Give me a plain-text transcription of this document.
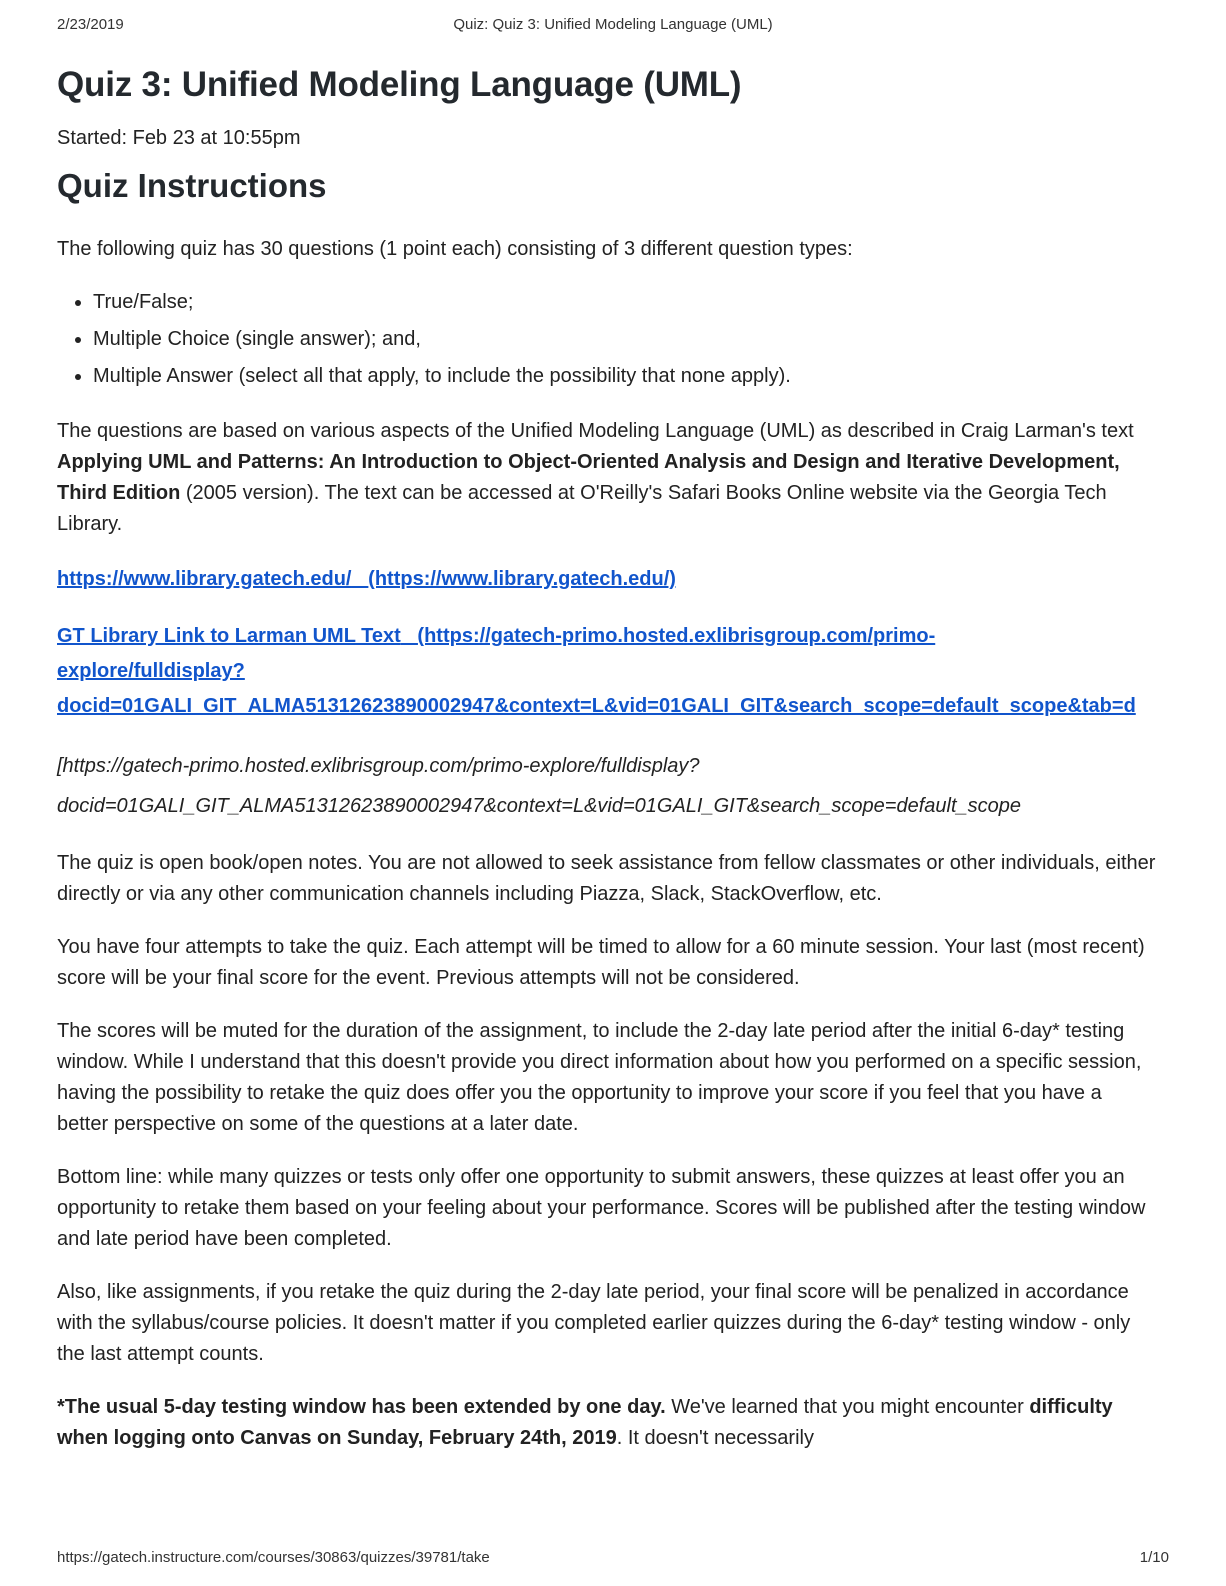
2/23/2019	Quiz: Quiz 3: Unified Modeling Language (UML)
Quiz 3: Unified Modeling Language (UML)

Started: Feb 23 at 10:55pm

Quiz Instructions

The following quiz has 30 questions (1 point each) consisting of 3 different question types:

• True/False;
• Multiple Choice (single answer); and,
• Multiple Answer (select all that apply, to include the possibility that none apply).

The questions are based on various aspects of the Unified Modeling Language (UML) as described in Craig Larman's text Applying UML and Patterns: An Introduction to Object-Oriented Analysis and Design and Iterative Development, Third Edition (2005 version). The text can be accessed at O'Reilly's Safari Books Online website via the Georgia Tech Library.

https://www.library.gatech.edu/ (https://www.library.gatech.edu/)

GT Library Link to Larman UML Text (https://gatech-primo.hosted.exlibrisgroup.com/primo-
explore/fulldisplay?
docid=01GALI_GIT_ALMA51312623890002947&context=L&vid=01GALI_GIT&search_scope=default_scope&tab=d

[https://gatech-primo.hosted.exlibrisgroup.com/primo-explore/fulldisplay?
docid=01GALI_GIT_ALMA51312623890002947&context=L&vid=01GALI_GIT&search_scope=default_scope

The quiz is open book/open notes. You are not allowed to seek assistance from fellow classmates or other individuals, either directly or via any other communication channels including Piazza, Slack, StackOverflow, etc.

You have four attempts to take the quiz. Each attempt will be timed to allow for a 60 minute session. Your last (most recent) score will be your final score for the event. Previous attempts will not be considered.

The scores will be muted for the duration of the assignment, to include the 2-day late period after the initial 6-day* testing window. While I understand that this doesn't provide you direct information about how you performed on a specific session, having the possibility to retake the quiz does offer you the opportunity to improve your score if you feel that you have a better perspective on some of the questions at a later date.

Bottom line: while many quizzes or tests only offer one opportunity to submit answers, these quizzes at least offer you an opportunity to retake them based on your feeling about your performance. Scores will be published after the testing window and late period have been completed.

Also, like assignments, if you retake the quiz during the 2-day late period, your final score will be penalized in accordance with the syllabus/course policies. It doesn't matter if you completed earlier quizzes during the 6-day* testing window - only the last attempt counts.

*The usual 5-day testing window has been extended by one day. We've learned that you might encounter difficulty when logging onto Canvas on Sunday, February 24th, 2019. It doesn't necessarily

https://gatech.instructure.com/courses/30863/quizzes/39781/take	1/10
